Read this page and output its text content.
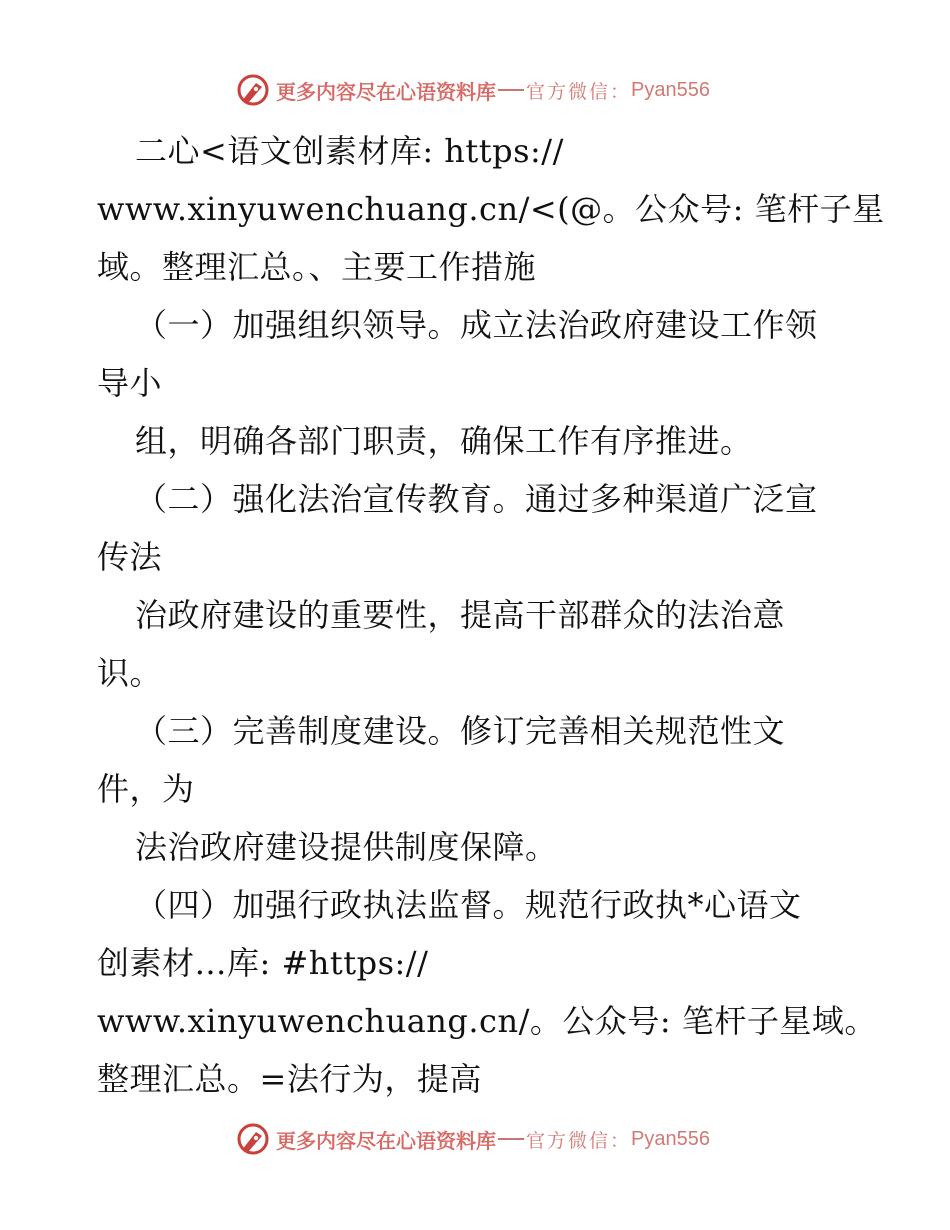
更多内容尽在心语资料库 官方微信： Pyan556
二心<语文创素材库: https://
www.xinyuwenchuang.cn/<(@。公众号: 笔杆子星
域。整理汇总。、主要工作措施
（一）加强组织领导。成立法治政府建设工作领
导小
组，明确各部门职责，确保工作有序推进。
（二）强化法治宣传教育。通过多种渠道广泛宣
传法
治政府建设的重要性，提高干部群众的法治意
识。
（三）完善制度建设。修订完善相关规范性文
件，为
法治政府建设提供制度保障。
（四）加强行政执法监督。规范行政执*心语文
创素材…库: #https://
www.xinyuwenchuang.cn/。公众号: 笔杆子星域。
整理汇总。=法行为，提高
更多内容尽在心语资料库 官方微信： Pyan556
